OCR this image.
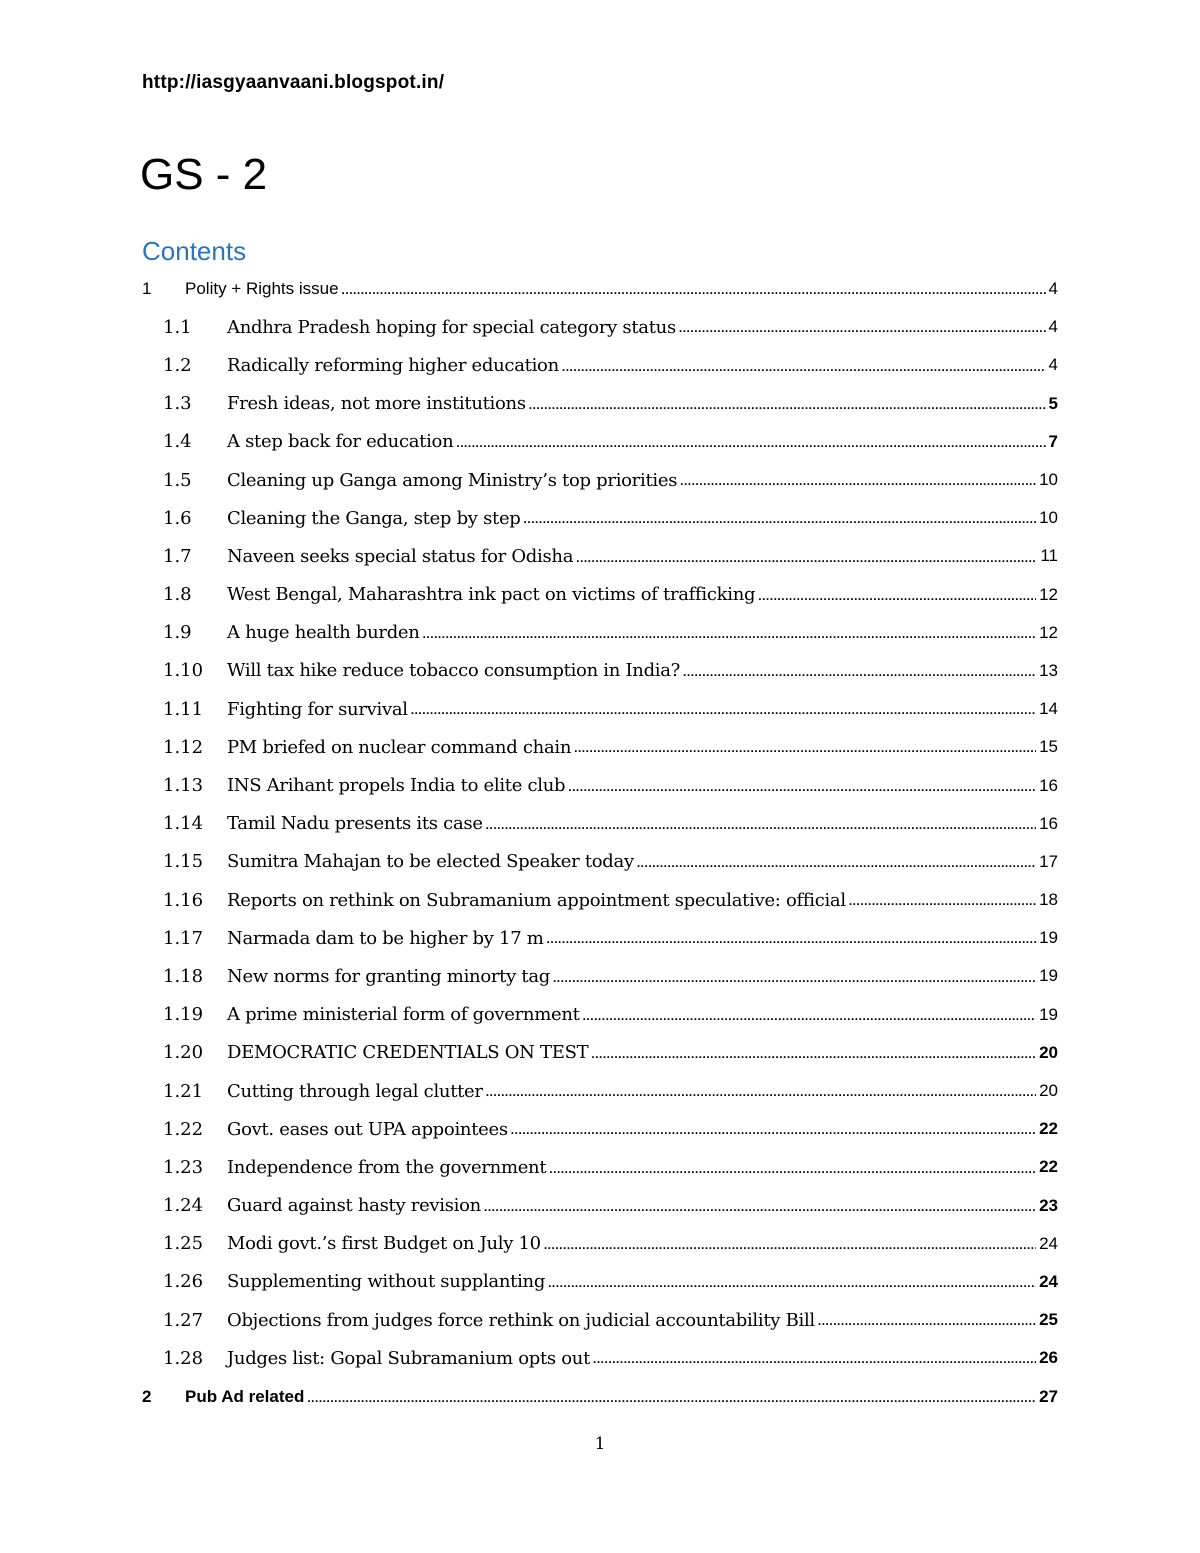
http://iasgyaanvaani.blogspot.in/
GS - 2
Contents
1	Polity + Rights issue .....	4
1.1	Andhra Pradesh hoping for special category status .....	4
1.2	Radically reforming higher education .....	4
1.3	Fresh ideas, not more institutions .....	5
1.4	A step back for education .....	7
1.5	Cleaning up Ganga among Ministry’s top priorities .....	10
1.6	Cleaning the Ganga, step by step .....	10
1.7	Naveen seeks special status for Odisha .....	11
1.8	West Bengal, Maharashtra ink pact on victims of trafficking .....	12
1.9	A huge health burden .....	12
1.10	Will tax hike reduce tobacco consumption in India? .....	13
1.11	Fighting for survival .....	14
1.12	PM briefed on nuclear command chain .....	15
1.13	INS Arihant propels India to elite club .....	16
1.14	Tamil Nadu presents its case .....	16
1.15	Sumitra Mahajan to be elected Speaker today .....	17
1.16	Reports on rethink on Subramanium appointment speculative: official .....	18
1.17	Narmada dam to be higher by 17 m .....	19
1.18	New norms for granting minorty tag .....	19
1.19	A prime ministerial form of government .....	19
1.20	DEMOCRATIC CREDENTIALS ON TEST .....	20
1.21	Cutting through legal clutter .....	20
1.22	Govt. eases out UPA appointees .....	22
1.23	Independence from the government .....	22
1.24	Guard against hasty revision .....	23
1.25	Modi govt.’s first Budget on July 10 .....	24
1.26	Supplementing without supplanting .....	24
1.27	Objections from judges force rethink on judicial accountability Bill .....	25
1.28	Judges list: Gopal Subramanium opts out .....	26
2	Pub Ad related .....	27
1
